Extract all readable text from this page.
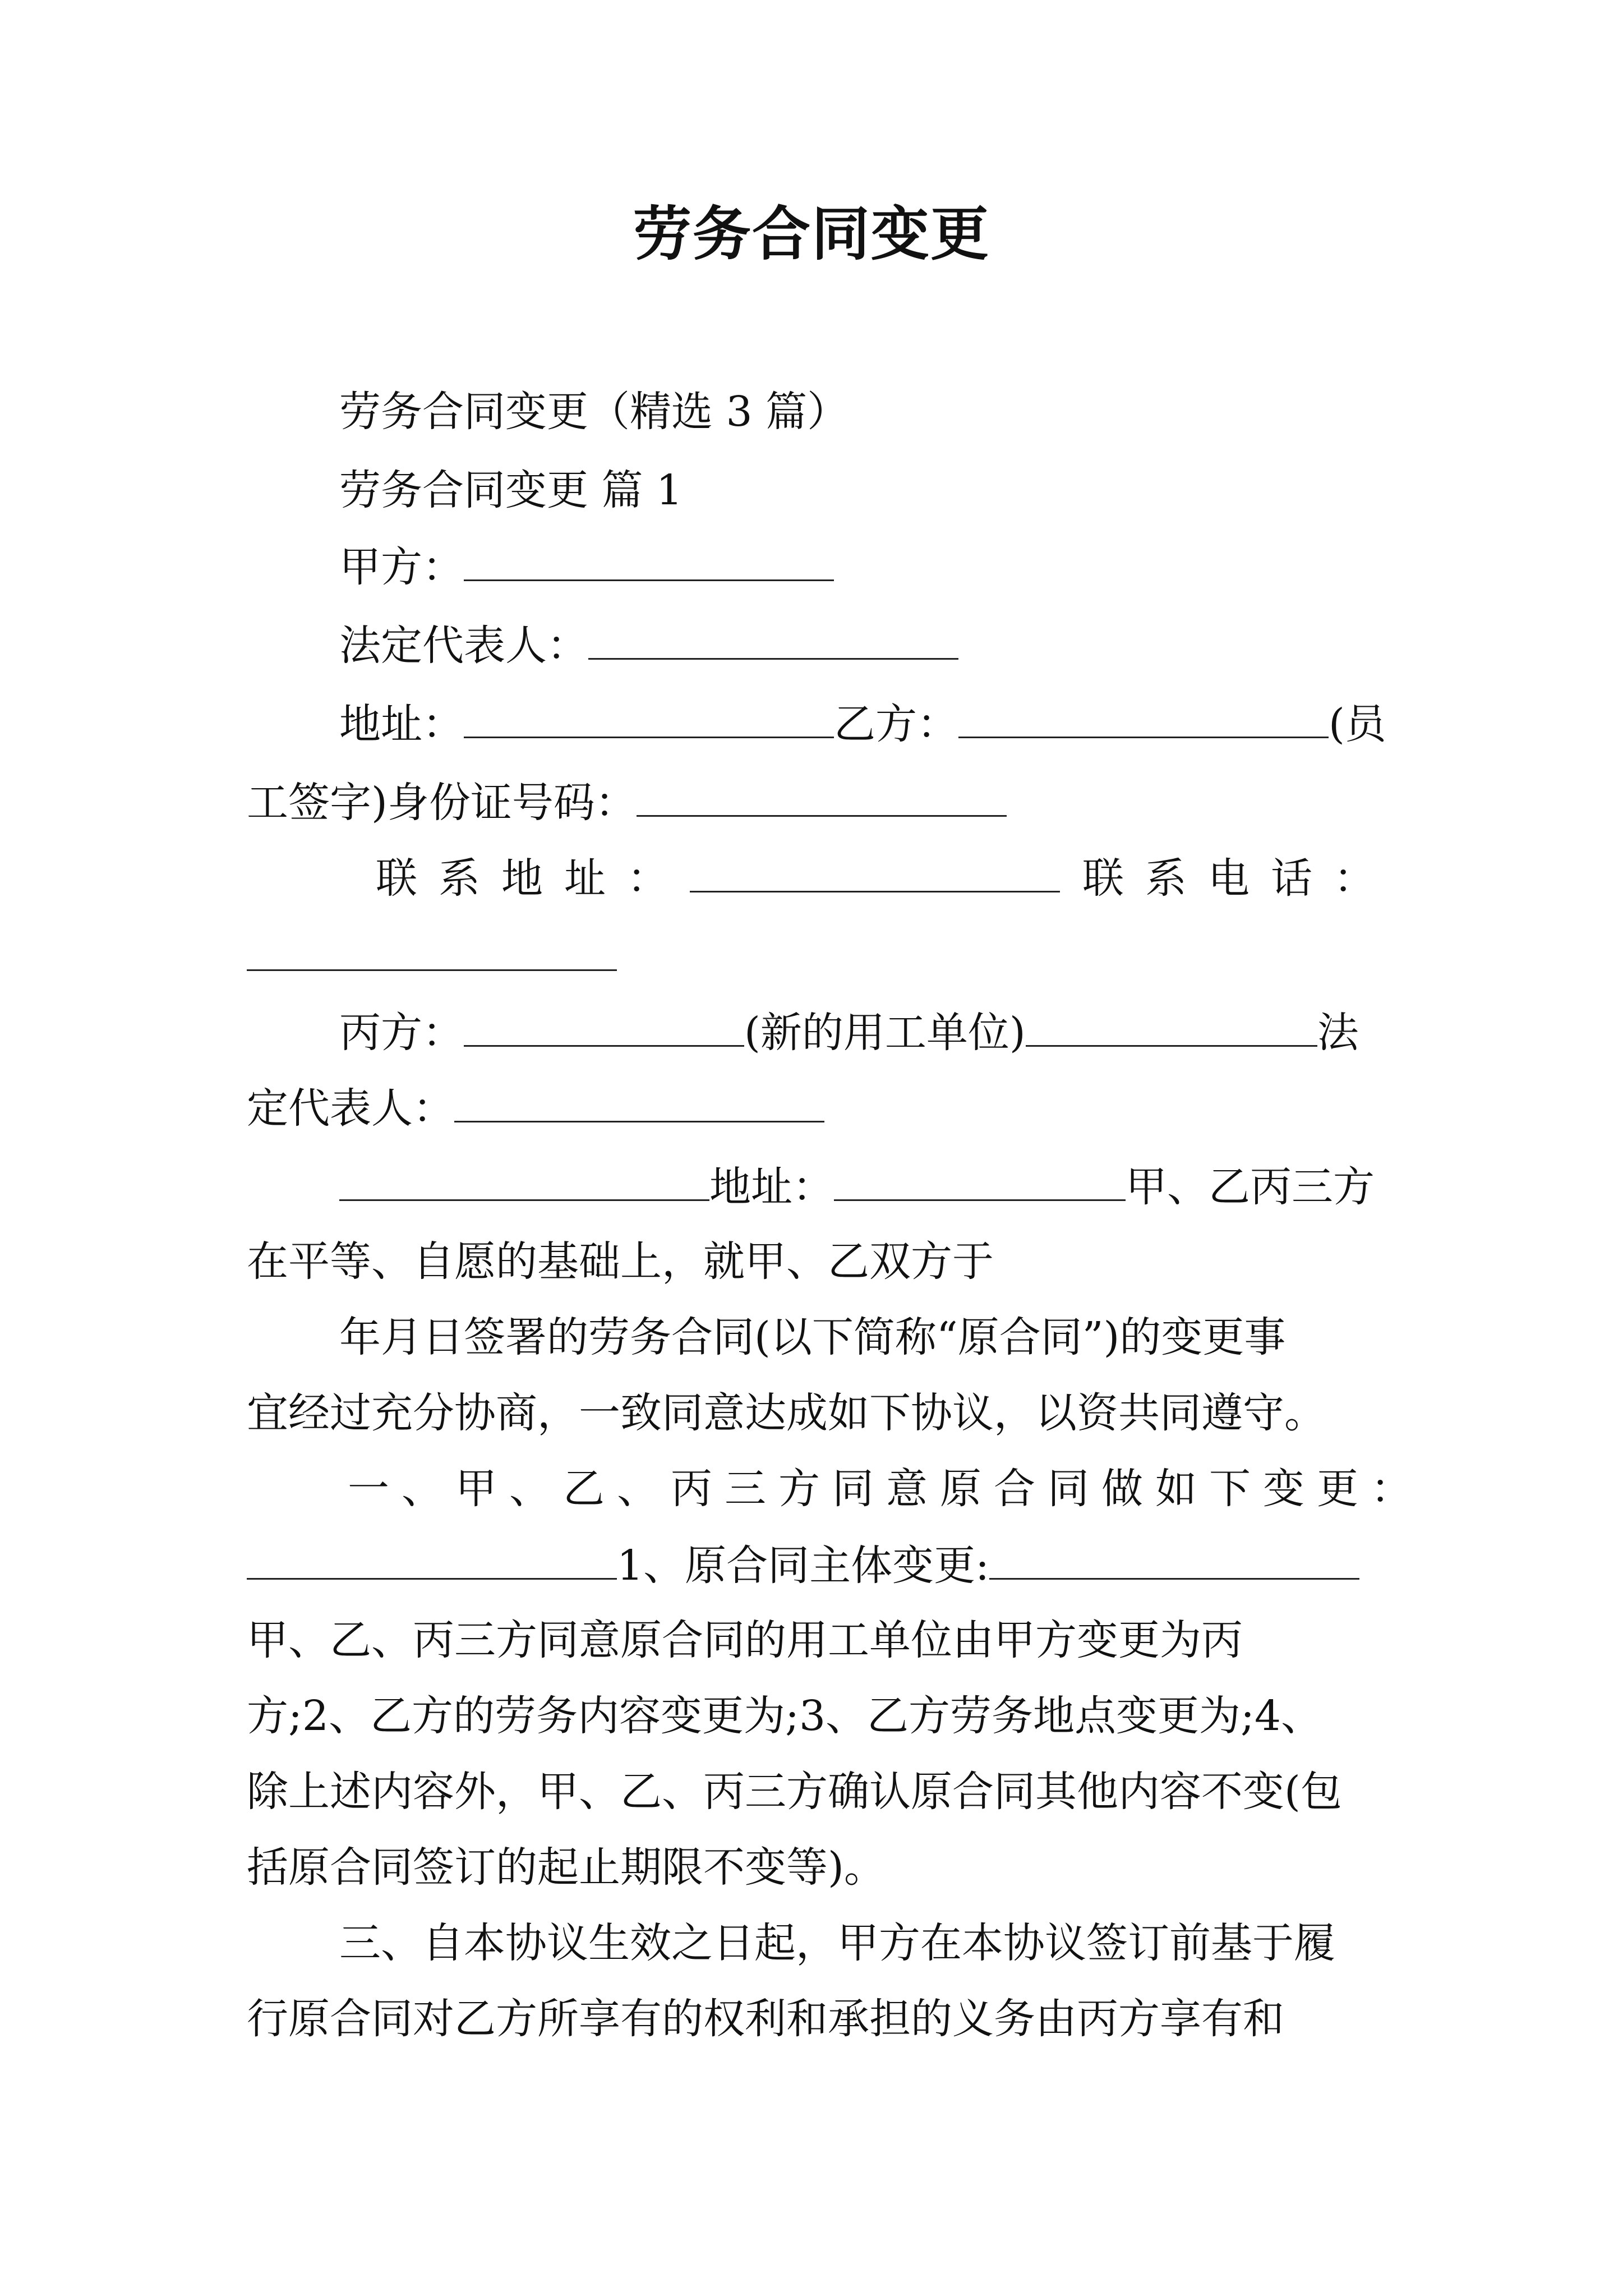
劳务合同变更
劳务合同变更（精选 3 篇）
劳务合同变更 篇 1
甲方：
法定代表人：
地址：	乙方：	(员
工签字)身份证号码：
联系地址：	联系电话：
丙方：	(新的用工单位)	法
定代表人：
地址：	甲、乙丙三方
在平等、自愿的基础上，就甲、乙双方于
年月日签署的劳务合同(以下简称“原合同”)的变更事
宜经过充分协商，一致同意达成如下协议，以资共同遵守。
一、甲、乙、丙三方同意原合同做如下变更：
1、原合同主体变更:
甲、乙、丙三方同意原合同的用工单位由甲方变更为丙
方;2、乙方的劳务内容变更为;3、乙方劳务地点变更为;4、
除上述内容外，甲、乙、丙三方确认原合同其他内容不变(包
括原合同签订的起止期限不变等)。
三、自本协议生效之日起，甲方在本协议签订前基于履
行原合同对乙方所享有的权利和承担的义务由丙方享有和
